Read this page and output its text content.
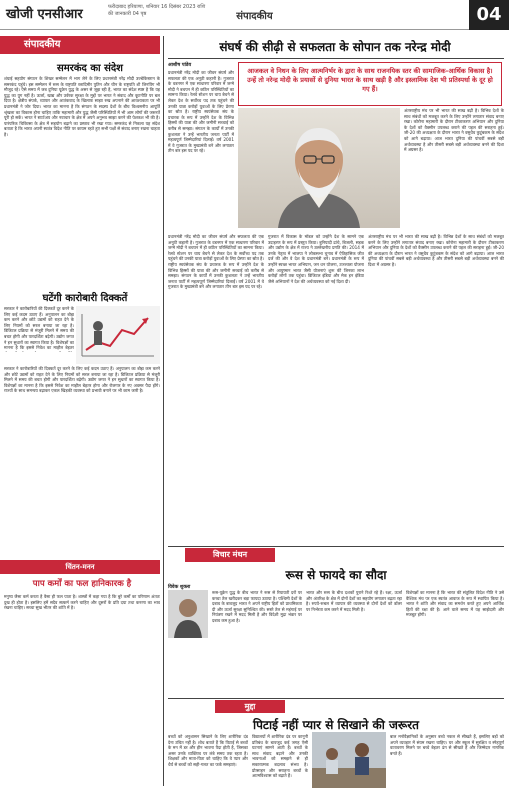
खोजी एनसीआर	फरीदाबाद हरियाणा, शनिवार 16 दिसंबर 2023 राशि की जानकारी 04 पृष्ठ	संपादकीय	04
संपादकीय
समरकंद का संदेश
शंघाई सहयोग संगठन के शिखर सम्मेलन में भाग लेने के लिए प्रधानमंत्री नरेंद्र मोदी उज्बेकिस्तान के समरकंद पहुंचे। इस सम्मेलन में रूस के राष्ट्रपति व्लादिमीर पुतिन और चीन के राष्ट्रपति शी जिनपिंग भी मौजूद रहे। ऐसे समय में जब दुनिया यूक्रेन युद्ध के असर से जूझ रही है, भारत का संदेश स्पष्ट है कि यह युद्ध का युग नहीं है। ऊर्जा, खाद्य और उर्वरक सुरक्षा के मुद्दों पर भारत ने संवाद और कूटनीति पर बल दिया है। क्षेत्रीय संपर्क, व्यापार और आतंकवाद के खिलाफ साझा रुख अपनाने की आवश्यकता पर भी प्रधानमंत्री ने जोर दिया। भारत का मानना है कि संगठन के सदस्य देशों के बीच विश्वसनीय आपूर्ति श्रृंखला का विकास होना चाहिए ताकि महामारी और युद्ध जैसी परिस्थितियों में भी आम लोगों की जरूरतें पूरी हो सकें। भारत ने स्टार्टअप और नवाचार के क्षेत्र में अपने अनुभव साझा करने की पेशकश भी की है। पारंपरिक चिकित्सा के क्षेत्र में सहयोग बढ़ाने का प्रस्ताव भी रखा गया। समरकंद से निकला यह संदेश बताता है कि भारत अपनी स्वतंत्र विदेश नीति पर कायम रहते हुए सभी पक्षों से संवाद बनाए रखना चाहता है।
घटेंगी कारोबारी दिक्कतें
सरकार ने कारोबारियों की दिक्कतें दूर करने के लिए कई कदम उठाए हैं। अनुपालन का बोझ कम करने और छोटे उद्यमों को राहत देने के लिए नियमों को सरल बनाया जा रहा है। डिजिटल प्रक्रिया से मंजूरी मिलने में समय की बचत होगी और पारदर्शिता बढ़ेगी। उद्योग जगत ने इन सुधारों का स्वागत किया है। विशेषज्ञों का मानना है कि इससे निवेश का माहौल बेहतर
सरकार ने कारोबारियों की दिक्कतें दूर करने के लिए कई कदम उठाए हैं। अनुपालन का बोझ कम करने और छोटे उद्यमों को राहत देने के लिए नियमों को सरल बनाया जा रहा है। डिजिटल प्रक्रिया से मंजूरी मिलने में समय की बचत होगी और पारदर्शिता बढ़ेगी। उद्योग जगत ने इन सुधारों का स्वागत किया है। विशेषज्ञों का मानना है कि इससे निवेश का माहौल बेहतर होगा और रोजगार के नए अवसर पैदा होंगे। राज्यों के साथ समन्वय बढ़ाकर एकल खिड़की व्यवस्था को प्रभावी बनाने पर भी काम जारी है।
चिंतन-मनन
पाप कर्मों का फल हानिकारक है
मनुष्य जैसा कर्म करता है वैसा ही फल पाता है। शास्त्रों में कहा गया है कि बुरे कर्मों का परिणाम अंततः दुख ही होता है। इसलिए हमें सदैव सत्कर्म करने चाहिए और दूसरों के प्रति दया तथा करुणा का भाव रखना चाहिए। सच्चा सुख भीतर की शांति में है।
संघर्ष की सीढ़ी से सफलता के सोपान तक नरेन्द्र मोदी
आशीष पांडेय
प्रधानमंत्री नरेंद्र मोदी का जीवन संघर्ष और सफलता की एक अनूठी कहानी है। गुजरात के वडनगर में एक साधारण परिवार में जन्मे मोदी ने बचपन में ही कठिन परिस्थितियों का सामना किया। रेलवे स्टेशन पर चाय बेचने से लेकर देश के सर्वोच्च पद तक पहुंचने की उनकी यात्रा करोड़ों युवाओं के लिए प्रेरणा का स्रोत है। राष्ट्रीय स्वयंसेवक संघ के प्रचारक के रूप में उन्होंने देश के विभिन्न हिस्सों की यात्रा की और जमीनी सच्चाई को करीब से समझा। संगठन के कार्यों में उनकी कुशलता ने उन्हें भारतीय जनता पार्टी में महत्वपूर्ण जिम्मेदारियां दिलाईं। वर्ष 2001 में वे गुजरात के मुख्यमंत्री बने और लगातार तीन बार इस पद पर रहे।
आजकल वे निधन के लिए आत्मनिर्भर के द्वारा के साथ राजनयिक स्तर की सामाजिक-आर्थिक विकास है। उन्हें तो नरेन्द्र मोदी के प्रयासों से दुनिया भारत के साथ खड़ी है और इस्लामिक देश भी प्रतिस्पर्धा के दूर हो गए हैं।
अंतरराष्ट्रीय मंच पर भी भारत की साख बढ़ी है। विभिन्न देशों के साथ संबंधों को मजबूत करने के लिए उन्होंने लगातार संवाद बनाए रखा। कोरोना महामारी के दौरान टीकाकरण अभियान और दुनिया के देशों को वैक्सीन उपलब्ध कराने की पहल की सराहना हुई। जी-20 की अध्यक्षता के दौरान भारत ने वसुधैव कुटुंबकम के संदेश को आगे बढ़ाया। आज भारत दुनिया की पांचवीं सबसे बड़ी अर्थव्यवस्था है और तीसरी सबसे बड़ी अर्थव्यवस्था बनने की दिशा में अग्रसर है।
प्रधानमंत्री नरेंद्र मोदी का जीवन संघर्ष और सफलता की एक अनूठी कहानी है। गुजरात के वडनगर में एक साधारण परिवार में जन्मे मोदी ने बचपन में ही कठिन परिस्थितियों का सामना किया। रेलवे स्टेशन पर चाय बेचने से लेकर देश के सर्वोच्च पद तक पहुंचने की उनकी यात्रा करोड़ों युवाओं के लिए प्रेरणा का स्रोत है। राष्ट्रीय स्वयंसेवक संघ के प्रचारक के रूप में उन्होंने देश के विभिन्न हिस्सों की यात्रा की और जमीनी सच्चाई को करीब से समझा। संगठन के कार्यों में उनकी कुशलता ने उन्हें भारतीय जनता पार्टी में महत्वपूर्ण जिम्मेदारियां दिलाईं। वर्ष 2001 में वे गुजरात के मुख्यमंत्री बने और लगातार तीन बार इस पद पर रहे।
गुजरात में विकास के मॉडल को उन्होंने देश के सामने एक उदाहरण के रूप में प्रस्तुत किया। बुनियादी ढांचे, बिजली, सड़क और उद्योग के क्षेत्र में राज्य ने उल्लेखनीय प्रगति की। 2014 में उनके नेतृत्व में भाजपा ने लोकसभा चुनाव में ऐतिहासिक जीत दर्ज की और वे देश के प्रधानमंत्री बने। प्रधानमंत्री के रूप में उन्होंने स्वच्छ भारत अभियान, जन धन योजना, उज्ज्वला योजना और आयुष्मान भारत जैसी योजनाएं शुरू कीं जिनका लाभ करोड़ों लोगों तक पहुंचा। डिजिटल इंडिया और मेक इन इंडिया जैसे अभियानों ने देश की अर्थव्यवस्था को नई दिशा दी।
अंतरराष्ट्रीय मंच पर भी भारत की साख बढ़ी है। विभिन्न देशों के साथ संबंधों को मजबूत करने के लिए उन्होंने लगातार संवाद बनाए रखा। कोरोना महामारी के दौरान टीकाकरण अभियान और दुनिया के देशों को वैक्सीन उपलब्ध कराने की पहल की सराहना हुई। जी-20 की अध्यक्षता के दौरान भारत ने वसुधैव कुटुंबकम के संदेश को आगे बढ़ाया। आज भारत दुनिया की पांचवीं सबसे बड़ी अर्थव्यवस्था है और तीसरी सबसे बड़ी अर्थव्यवस्था बनने की दिशा में अग्रसर है।
विचार मंथन
रूस से फायदे का सौदा
विवेक शुक्ला
रूस-यूक्रेन युद्ध के बीच भारत ने रूस से रियायती दरों पर कच्चा तेल खरीदकर बड़ा फायदा उठाया है। पश्चिमी देशों के दबाव के बावजूद भारत ने अपने राष्ट्रीय हितों को प्राथमिकता दी और ऊर्जा सुरक्षा सुनिश्चित की। सस्ते तेल से महंगाई पर नियंत्रण रखने में मदद मिली है और विदेशी मुद्रा भंडार पर दबाव कम हुआ है।
भारत और रूस के बीच दशकों पुराने रिश्ते रहे हैं। रक्षा, ऊर्जा और अंतरिक्ष के क्षेत्र में दोनों देशों का सहयोग लगातार बढ़ता रहा है। रुपये-रूबल में व्यापार की व्यवस्था से दोनों देशों को डॉलर पर निर्भरता कम करने में मदद मिली है।
विशेषज्ञों का मानना है कि भारत की संतुलित विदेश नीति ने उसे वैश्विक मंच पर एक स्वतंत्र आवाज के रूप में स्थापित किया है। भारत ने शांति और संवाद का समर्थन करते हुए अपने आर्थिक हितों की रक्षा की है। आने वाले समय में यह साझेदारी और मजबूत होगी।
मुद्दा
पिटाई नहीं प्यार से सिखाने की जरूरत
बच्चों को अनुशासन सिखाने के लिए शारीरिक दंड देना उचित नहीं है। शोध बताते हैं कि पिटाई से बच्चों के मन में डर और हीन भावना पैदा होती है, जिसका असर उनके व्यक्तित्व पर लंबे समय तक रहता है। शिक्षकों और माता-पिता को चाहिए कि वे प्यार और धैर्य से बच्चों को सही-गलत का फर्क समझाएं।
विद्यालयों में शारीरिक दंड पर कानूनी प्रतिबंध के बावजूद कई जगह ऐसी घटनाएं सामने आती हैं। बच्चों के साथ संवाद बढ़ाने और उनकी भावनाओं को समझने से ही सकारात्मक बदलाव संभव है। प्रोत्साहन और सराहना बच्चों के आत्मविश्वास को बढ़ाते हैं।
बाल मनोवैज्ञानिकों के अनुसार बच्चे नकल से सीखते हैं, इसलिए बड़ों को अपने व्यवहार में संयम रखना चाहिए। घर और स्कूल में सुरक्षित व स्नेहपूर्ण वातावरण मिलने पर बच्चे बेहतर ढंग से सीखते हैं और जिम्मेदार नागरिक बनते हैं।
